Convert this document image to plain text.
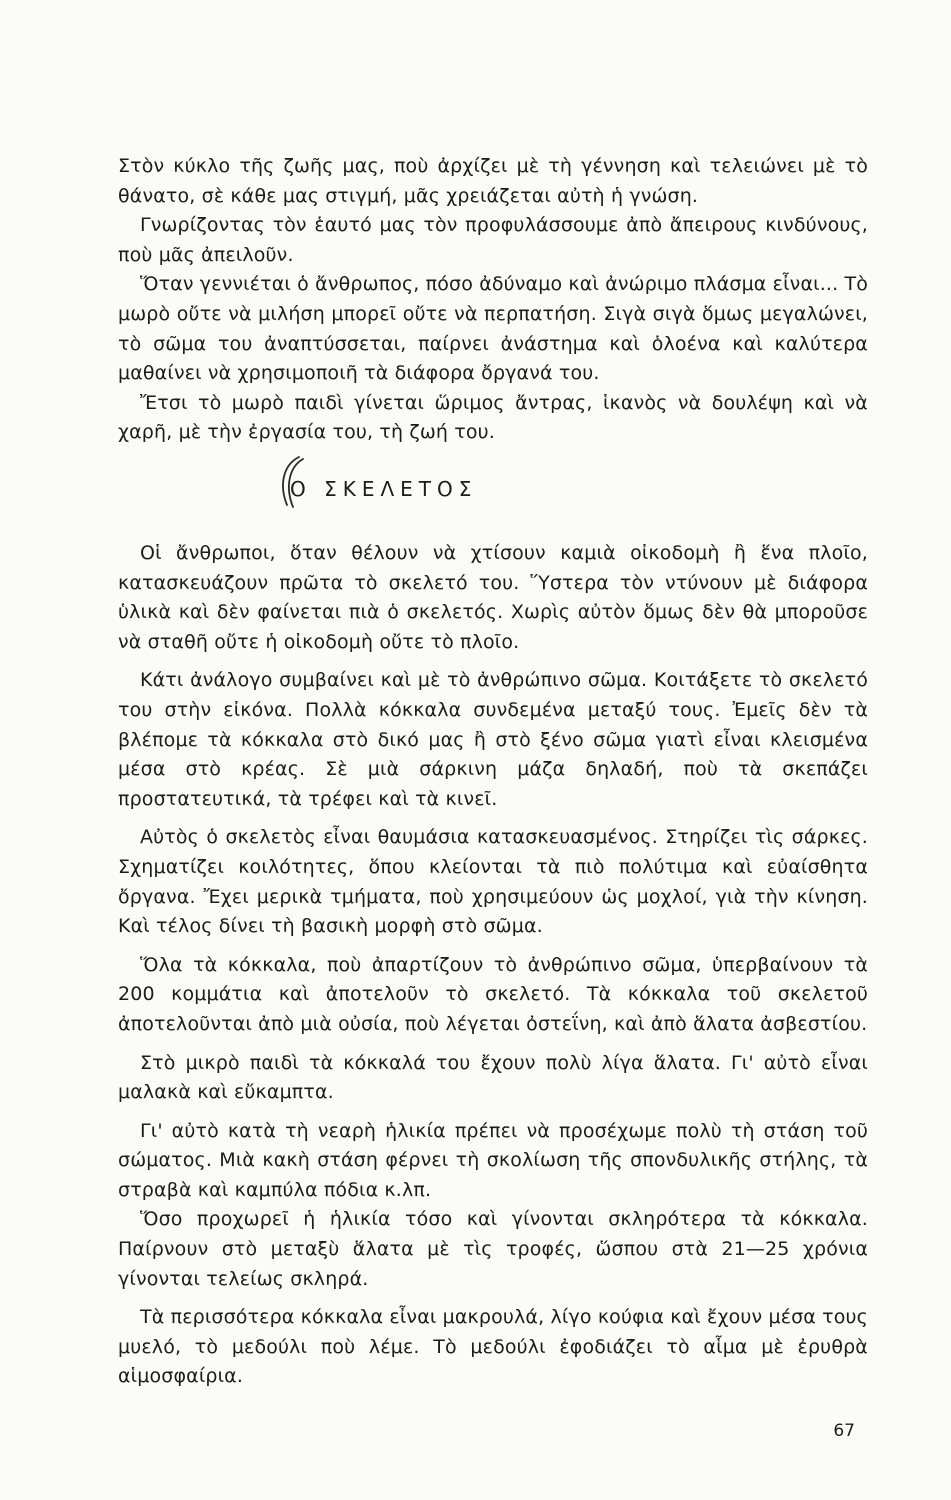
Στὸν κύκλο τῆς ζωῆς μας, ποὺ ἀρχίζει μὲ τὴ γέννηση καὶ τελειώνει μὲ τὸ θάνατο, σὲ κάθε μας στιγμή, μᾶς χρειάζεται αὐτὴ ἡ γνώση.

Γνωρίζοντας τὸν ἑαυτό μας τὸν προφυλάσσουμε ἀπὸ ἄπειρους κινδύνους, ποὺ μᾶς ἀπειλοῦν.

Ὅταν γεννιέται ὁ ἄνθρωπος, πόσο ἀδύναμο καὶ ἀνώριμο πλάσμα εἶναι... Τὸ μωρὸ οὔτε νὰ μιλήση μπορεῖ οὔτε νὰ περπατήση. Σιγὰ σιγὰ ὅμως μεγαλώνει, τὸ σῶμα του ἀναπτύσσεται, παίρνει ἀνάστημα καὶ ὁλοένα καὶ καλύτερα μαθαίνει νὰ χρησιμοποιῆ τὰ διάφορα ὄργανά του.

Ἔτσι τὸ μωρὸ παιδὶ γίνεται ὥριμος ἄντρας, ἱκανὸς νὰ δουλέψη καὶ νὰ χαρῆ, μὲ τὴν ἐργασία του, τὴ ζωή του.

Ο ΣΚΕΛΕΤΟΣ

Οἱ ἄνθρωποι, ὅταν θέλουν νὰ χτίσουν καμιὰ οἰκοδομὴ ἢ ἕνα πλοῖο, κατασκευάζουν πρῶτα τὸ σκελετό του. Ὕστερα τὸν ντύνουν μὲ διάφορα ὑλικὰ καὶ δὲν φαίνεται πιὰ ὁ σκελετός. Χωρὶς αὐτὸν ὅμως δὲν θὰ μποροῦσε νὰ σταθῆ οὔτε ἡ οἰκοδομὴ οὔτε τὸ πλοῖο.

Κάτι ἀνάλογο συμβαίνει καὶ μὲ τὸ ἀνθρώπινο σῶμα. Κοιτάξετε τὸ σκελετό του στὴν εἰκόνα. Πολλὰ κόκκαλα συνδεμένα μεταξύ τους. Ἐμεῖς δὲν τὰ βλέπομε τὰ κόκκαλα στὸ δικό μας ἢ στὸ ξένο σῶμα γιατὶ εἶναι κλεισμένα μέσα στὸ κρέας. Σὲ μιὰ σάρκινη μάζα δηλαδή, ποὺ τὰ σκεπάζει προστατευτικά, τὰ τρέφει καὶ τὰ κινεῖ.

Αὐτὸς ὁ σκελετὸς εἶναι θαυμάσια κατασκευασμένος. Στηρίζει τὶς σάρκες. Σχηματίζει κοιλότητες, ὅπου κλείονται τὰ πιὸ πολύτιμα καὶ εὐαίσθητα ὄργανα. Ἔχει μερικὰ τμήματα, ποὺ χρησιμεύουν ὡς μοχλοί, γιὰ τὴν κίνηση. Καὶ τέλος δίνει τὴ βασικὴ μορφὴ στὸ σῶμα.

Ὅλα τὰ κόκκαλα, ποὺ ἀπαρτίζουν τὸ ἀνθρώπινο σῶμα, ὑπερβαίνουν τὰ 200 κομμάτια καὶ ἀποτελοῦν τὸ σκελετό. Τὰ κόκκαλα τοῦ σκελετοῦ ἀποτελοῦνται ἀπὸ μιὰ οὐσία, ποὺ λέγεται ὀστεΐνη, καὶ ἀπὸ ἅλατα ἀσβεστίου.

Στὸ μικρὸ παιδὶ τὰ κόκκαλά του ἔχουν πολὺ λίγα ἅλατα. Γι' αὐτὸ εἶναι μαλακὰ καὶ εὔκαμπτα.

Γι' αὐτὸ κατὰ τὴ νεαρὴ ἡλικία πρέπει νὰ προσέχωμε πολὺ τὴ στάση τοῦ σώματος. Μιὰ κακὴ στάση φέρνει τὴ σκολίωση τῆς σπονδυλικῆς στήλης, τὰ στραβὰ καὶ καμπύλα πόδια κ.λπ.

Ὅσο προχωρεῖ ἡ ἡλικία τόσο καὶ γίνονται σκληρότερα τὰ κόκκαλα. Παίρνουν στὸ μεταξὺ ἅλατα μὲ τὶς τροφές, ὥσπου στὰ 21—25 χρόνια γίνονται τελείως σκληρά.

Τὰ περισσότερα κόκκαλα εἶναι μακρουλά, λίγο κούφια καὶ ἔχουν μέσα τους μυελό, τὸ μεδούλι ποὺ λέμε. Τὸ μεδούλι ἐφοδιάζει τὸ αἷμα μὲ ἐρυθρὰ αἱμοσφαίρια.

67
